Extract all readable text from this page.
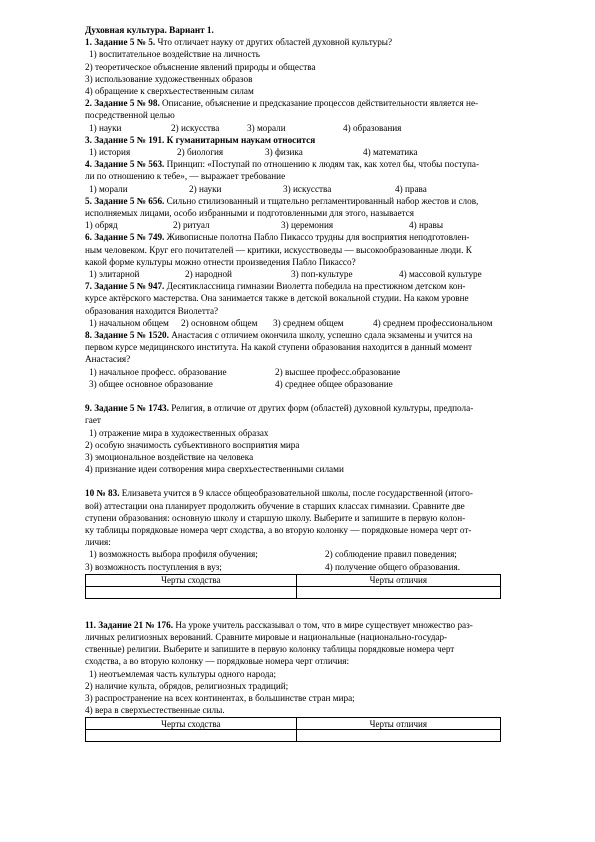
Духовная культура. Вариант 1.
1. Задание 5 № 5. Что отличает науку от других областей духовной культуры?
1) воспитательное воздействие на личность
2) теоретическое объяснение явлений природы и общества
3) использование художественных образов
4) обращение к сверхъестественным силам
2. Задание 5 № 98. Описание, объяснение и предсказание процессов действительности является не-
посредственной целью
1) науки	2) искусства	3) морали	4) образования
3. Задание 5 № 191. К гуманитарным наукам относится
1) история	2) биология	3) физика	4) математика
4. Задание 5 № 563. Принцип: «Поступай по отношению к людям так, как хотел бы, чтобы поступа-
ли по отношению к тебе», — выражает требование
1) морали	2) науки	3) искусства	4) права
5. Задание 5 № 656. Сильно стилизованный и тщательно регламентированный набор жестов и слов,
исполняемых лицами, особо избранными и подготовленными для этого, называется
1) обряд	2) ритуал	3) церемония	4) нравы
6. Задание 5 № 749. Живописные полотна Пабло Пикассо трудны для восприятия неподготовлен-
ным человеком. Круг его почитателей — критики, искусствоведы — высокообразованные люди. К
какой форме культуры можно отнести произведения Пабло Пикассо?
1) элитарной	2) народной	3) поп-культуре	4) массовой культуре
7. Задание 5 № 947. Десятиклассница гимназии Виолетта победила на престижном детском кон-
курсе актёрского мастерства. Она занимается также в детской вокальной студии. На каком уровне
образования находится Виолетта?
1) начальном общем	2) основном общем	3) среднем общем	4) среднем профессиональном
8. Задание 5 № 1520. Анастасия с отличием окончила школу, успешно сдала экзамены и учится на
первом курсе медицинского института. На какой ступени образования находится в данный момент
Анастасия?
1) начальное професс. образование	2) высшее професс.образование
3) общее основное образование	4) среднее общее образование
9. Задание 5 № 1743. Религия, в отличие от других форм (областей) духовной культуры, предполa-
гает
1) отражение мира в художественных образах
2) особую значимость субъективного восприятия мира
3) эмоциональное воздействие на человека
4) признание идеи сотворения мира сверхъестественными силами
10 № 83. Елизавета учится в 9 классе общеобразовательной школы, после государственной (итого-
вой) аттестации она планирует продолжить обучение в старших классах гимназии. Сравните две
ступени образования: основную школу и старшую школу. Выберите и запишите в первую колон-
ку таблицы порядковые номера черт сходства, а во вторую колонку — порядковые номера черт от-
личия:
1) возможность выбора профиля обучения;	2) соблюдение правил поведения;
3) возможность поступления в вуз;	4) получение общего образования.
Черты сходства	Черты отличия

11. Задание 21 № 176. На уроке учитель рассказывал о том, что в мире существует множество раз-
личных религиозных верований. Сравните мировые и национальные (национально-государ-
ственные) религии. Выберите и запишите в первую колонку таблицы порядковые номера черт
сходства, а во вторую колонку — порядковые номера черт отличия:
1) неотъемлемая часть культуры одного народа;
2) наличие культа, обрядов, религиозных традиций;
3) распространение на всех континентах, в большинстве стран мира;
4) вера в сверхъестественные силы.
Черты сходства	Черты отличия
